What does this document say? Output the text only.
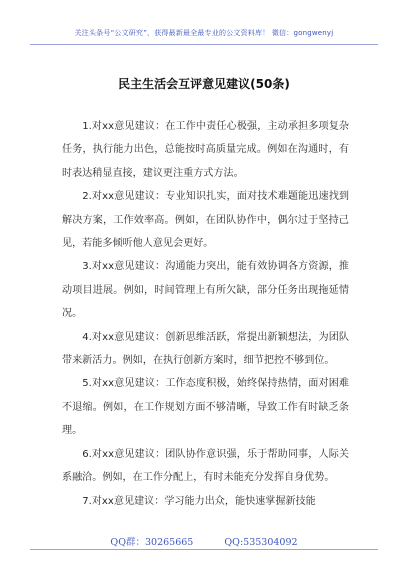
关注头条号“公文研究”，获得最新最全最专业的公文资料库！ 微信：gongwenyj
民主生活会互评意见建议(50条)

1.对xx意见建议：在工作中责任心极强，主动承担多项复杂任务，执行能力出色，总能按时高质量完成。例如在沟通时，有时表达稍显直接，建议更注重方式方法。

2.对xx意见建议：专业知识扎实，面对技术难题能迅速找到解决方案，工作效率高。例如，在团队协作中，偶尔过于坚持己见，若能多倾听他人意见会更好。

3.对xx意见建议：沟通能力突出，能有效协调各方资源，推动项目进展。例如，时间管理上有所欠缺，部分任务出现拖延情况。

4.对xx意见建议：创新思维活跃，常提出新颖想法，为团队带来新活力。例如，在执行创新方案时，细节把控不够到位。

5.对xx意见建议：工作态度积极，始终保持热情，面对困难不退缩。例如，在工作规划方面不够清晰，导致工作有时缺乏条理。

6.对xx意见建议：团队协作意识强，乐于帮助同事，人际关系融洽。例如，在工作分配上，有时未能充分发挥自身优势。

7.对xx意见建议：学习能力出众，能快速掌握新技能

QQ群：30265665	QQ:535304092
